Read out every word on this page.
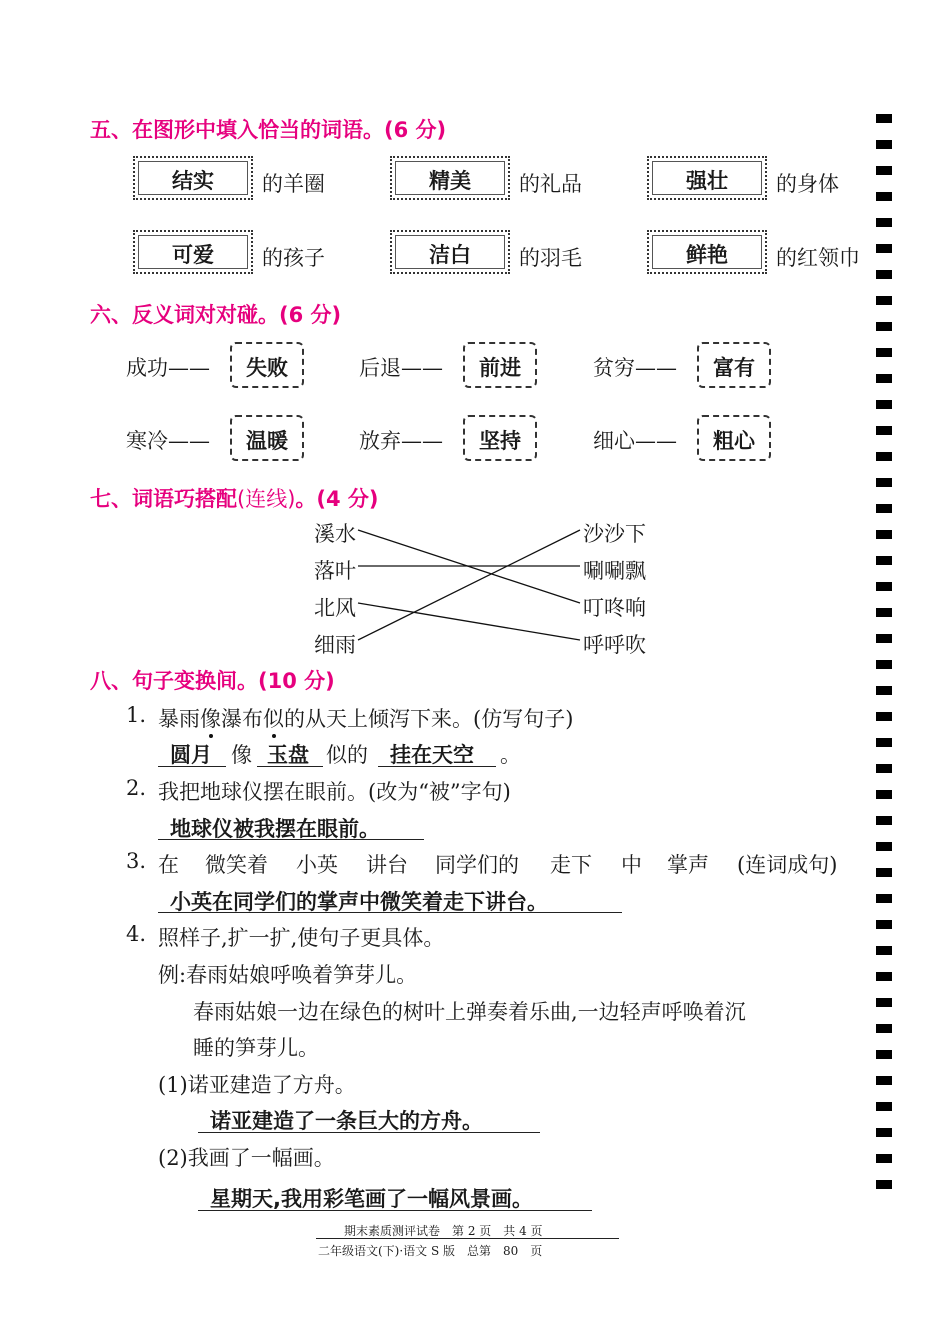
五、在图形中填入恰当的词语。(6 分)
结实	的羊圈	精美	的礼品	强壮	的身体
可爱	的孩子	洁白	的羽毛	鲜艳	的红领巾
六、反义词对对碰。(6 分)
成功——	失败	后退——	前进	贫穷——	富有
寒冷——	温暖	放弃——	坚持	细心——	粗心
七、词语巧搭配(连线)。(4 分)
溪水
落叶
北风
细雨
沙沙下
唰唰飘
叮咚响
呼呼吹
八、句子变换间。(10 分)
1. 暴雨像瀑布似的从天上倾泻下来。(仿写句子)
圆月 像 玉盘 似的 挂在天空 。
2. 我把地球仪摆在眼前。(改为“被”字句)
地球仪被我摆在眼前。
3. 在 微笑着 小英 讲台 同学们的 走下 中 掌声 (连词成句)
小英在同学们的掌声中微笑着走下讲台。
4. 照样子,扩一扩,使句子更具体。
例:春雨姑娘呼唤着笋芽儿。
春雨姑娘一边在绿色的树叶上弹奏着乐曲,一边轻声呼唤着沉
睡的笋芽儿。
(1)诺亚建造了方舟。
诺亚建造了一条巨大的方舟。
(2)我画了一幅画。
星期天,我用彩笔画了一幅风景画。
期末素质测评试卷　第 2 页　共 4 页
二年级语文(下)·语文 S 版　总第　80　页
